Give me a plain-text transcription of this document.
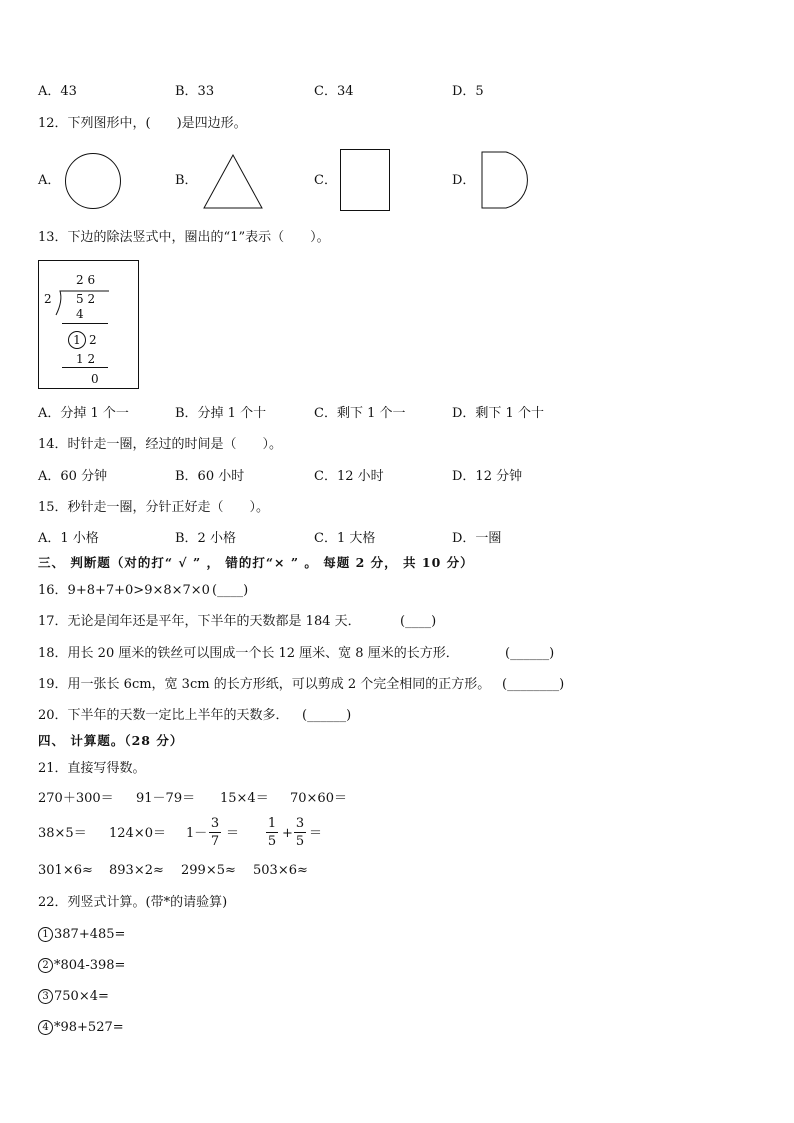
A．43	B．33	C．34	D．5
12．下列图形中，(　　)是四边形。
A．	B．	C．	D．
13．下边的除法竖式中，圈出的“1”表示（　　）。
2 6
2 5 2
4
1 2
1 2
0
A．分掉 1 个一	B．分掉 1 个十	C．剩下 1 个一	D．剩下 1 个十
14．时针走一圈，经过的时间是（　　）。
A．60 分钟	B．60 小时	C．12 小时	D．12 分钟
15．秒针走一圈，分针正好走（　　）。
A．1 小格	B．2 小格	C．1 大格	D．一圈
三、 判断题（对的打“ √ ” ， 错的打“× ” 。 每题 2 分， 共 10 分）
16．9+8+7+0>9×8×7×0 (____)
17．无论是闰年还是平年，下半年的天数都是 184 天．	(____)
18．用长 20 厘米的铁丝可以围成一个长 12 厘米、宽 8 厘米的长方形．	(______)
19．用一张长 6cm，宽 3cm 的长方形纸，可以剪成 2 个完全相同的正方形。 (________)
20．下半年的天数一定比上半年的天数多． (______)
四、 计算题。（28 分）
21．直接写得数。
270＋300＝ 91－79＝ 15×4＝ 70×60＝
38×5＝ 124×0＝ 1－
3
7
＝
1
5
+
3
5
＝
301×6≈ 893×2≈ 299×5≈ 503×6≈
22．列竖式计算。(带*的请验算)
1 387+485=
2 *804-398=
3 750×4=
4 *98+527=
